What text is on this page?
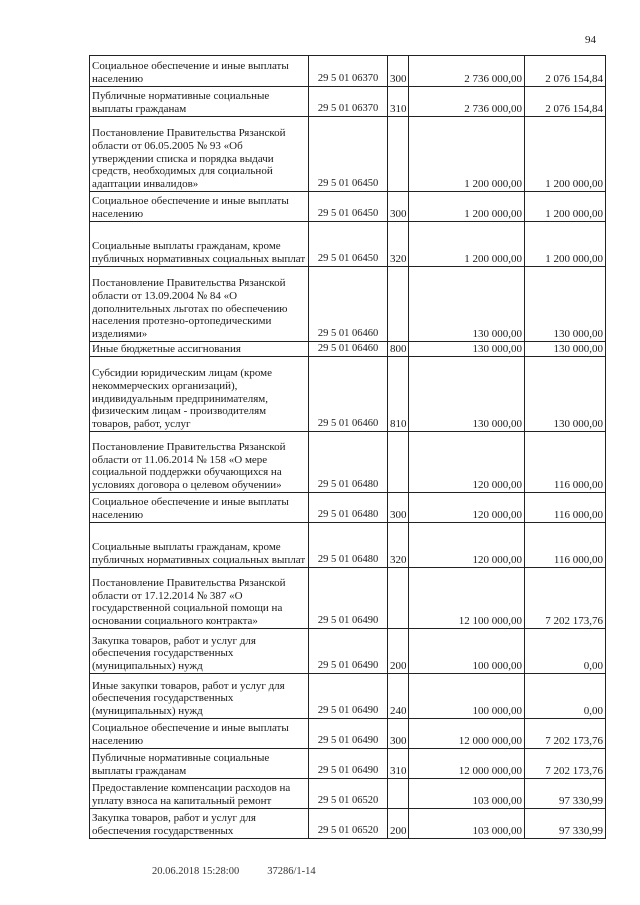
94
Социальное обеспечение и иные выплаты населению	29 5 01 06370	300	2 736 000,00	2 076 154,84
Публичные нормативные социальные выплаты гражданам	29 5 01 06370	310	2 736 000,00	2 076 154,84
Постановление Правительства Рязанской области от 06.05.2005 № 93 «Об утверждении списка и порядка выдачи средств, необходимых для социальной адаптации инвалидов»	29 5 01 06450		1 200 000,00	1 200 000,00
Социальное обеспечение и иные выплаты населению	29 5 01 06450	300	1 200 000,00	1 200 000,00
Социальные выплаты гражданам, кроме публичных нормативных социальных выплат	29 5 01 06450	320	1 200 000,00	1 200 000,00
Постановление Правительства Рязанской области от 13.09.2004 № 84 «О дополнительных льготах по обеспечению населения протезно-ортопедическими изделиями»	29 5 01 06460		130 000,00	130 000,00
Иные бюджетные ассигнования	29 5 01 06460	800	130 000,00	130 000,00
Субсидии юридическим лицам (кроме некоммерческих организаций), индивидуальным предпринимателям, физическим лицам - производителям товаров, работ, услуг	29 5 01 06460	810	130 000,00	130 000,00
Постановление Правительства Рязанской области от 11.06.2014 № 158 «О мере социальной поддержки обучающихся на условиях договора о целевом обучении»	29 5 01 06480		120 000,00	116 000,00
Социальное обеспечение и иные выплаты населению	29 5 01 06480	300	120 000,00	116 000,00
Социальные выплаты гражданам, кроме публичных нормативных социальных выплат	29 5 01 06480	320	120 000,00	116 000,00
Постановление Правительства Рязанской области от 17.12.2014 № 387 «О государственной социальной помощи на основании социального контракта»	29 5 01 06490		12 100 000,00	7 202 173,76
Закупка товаров, работ и услуг для обеспечения государственных (муниципальных) нужд	29 5 01 06490	200	100 000,00	0,00
Иные закупки товаров, работ и услуг для обеспечения государственных (муниципальных) нужд	29 5 01 06490	240	100 000,00	0,00
Социальное обеспечение и иные выплаты населению	29 5 01 06490	300	12 000 000,00	7 202 173,76
Публичные нормативные социальные выплаты гражданам	29 5 01 06490	310	12 000 000,00	7 202 173,76
Предоставление компенсации расходов на уплату взноса на капитальный ремонт	29 5 01 06520		103 000,00	97 330,99
Закупка товаров, работ и услуг для обеспечения государственных	29 5 01 06520	200	103 000,00	97 330,99
20.06.2018 15:28:00	37286/1-14
